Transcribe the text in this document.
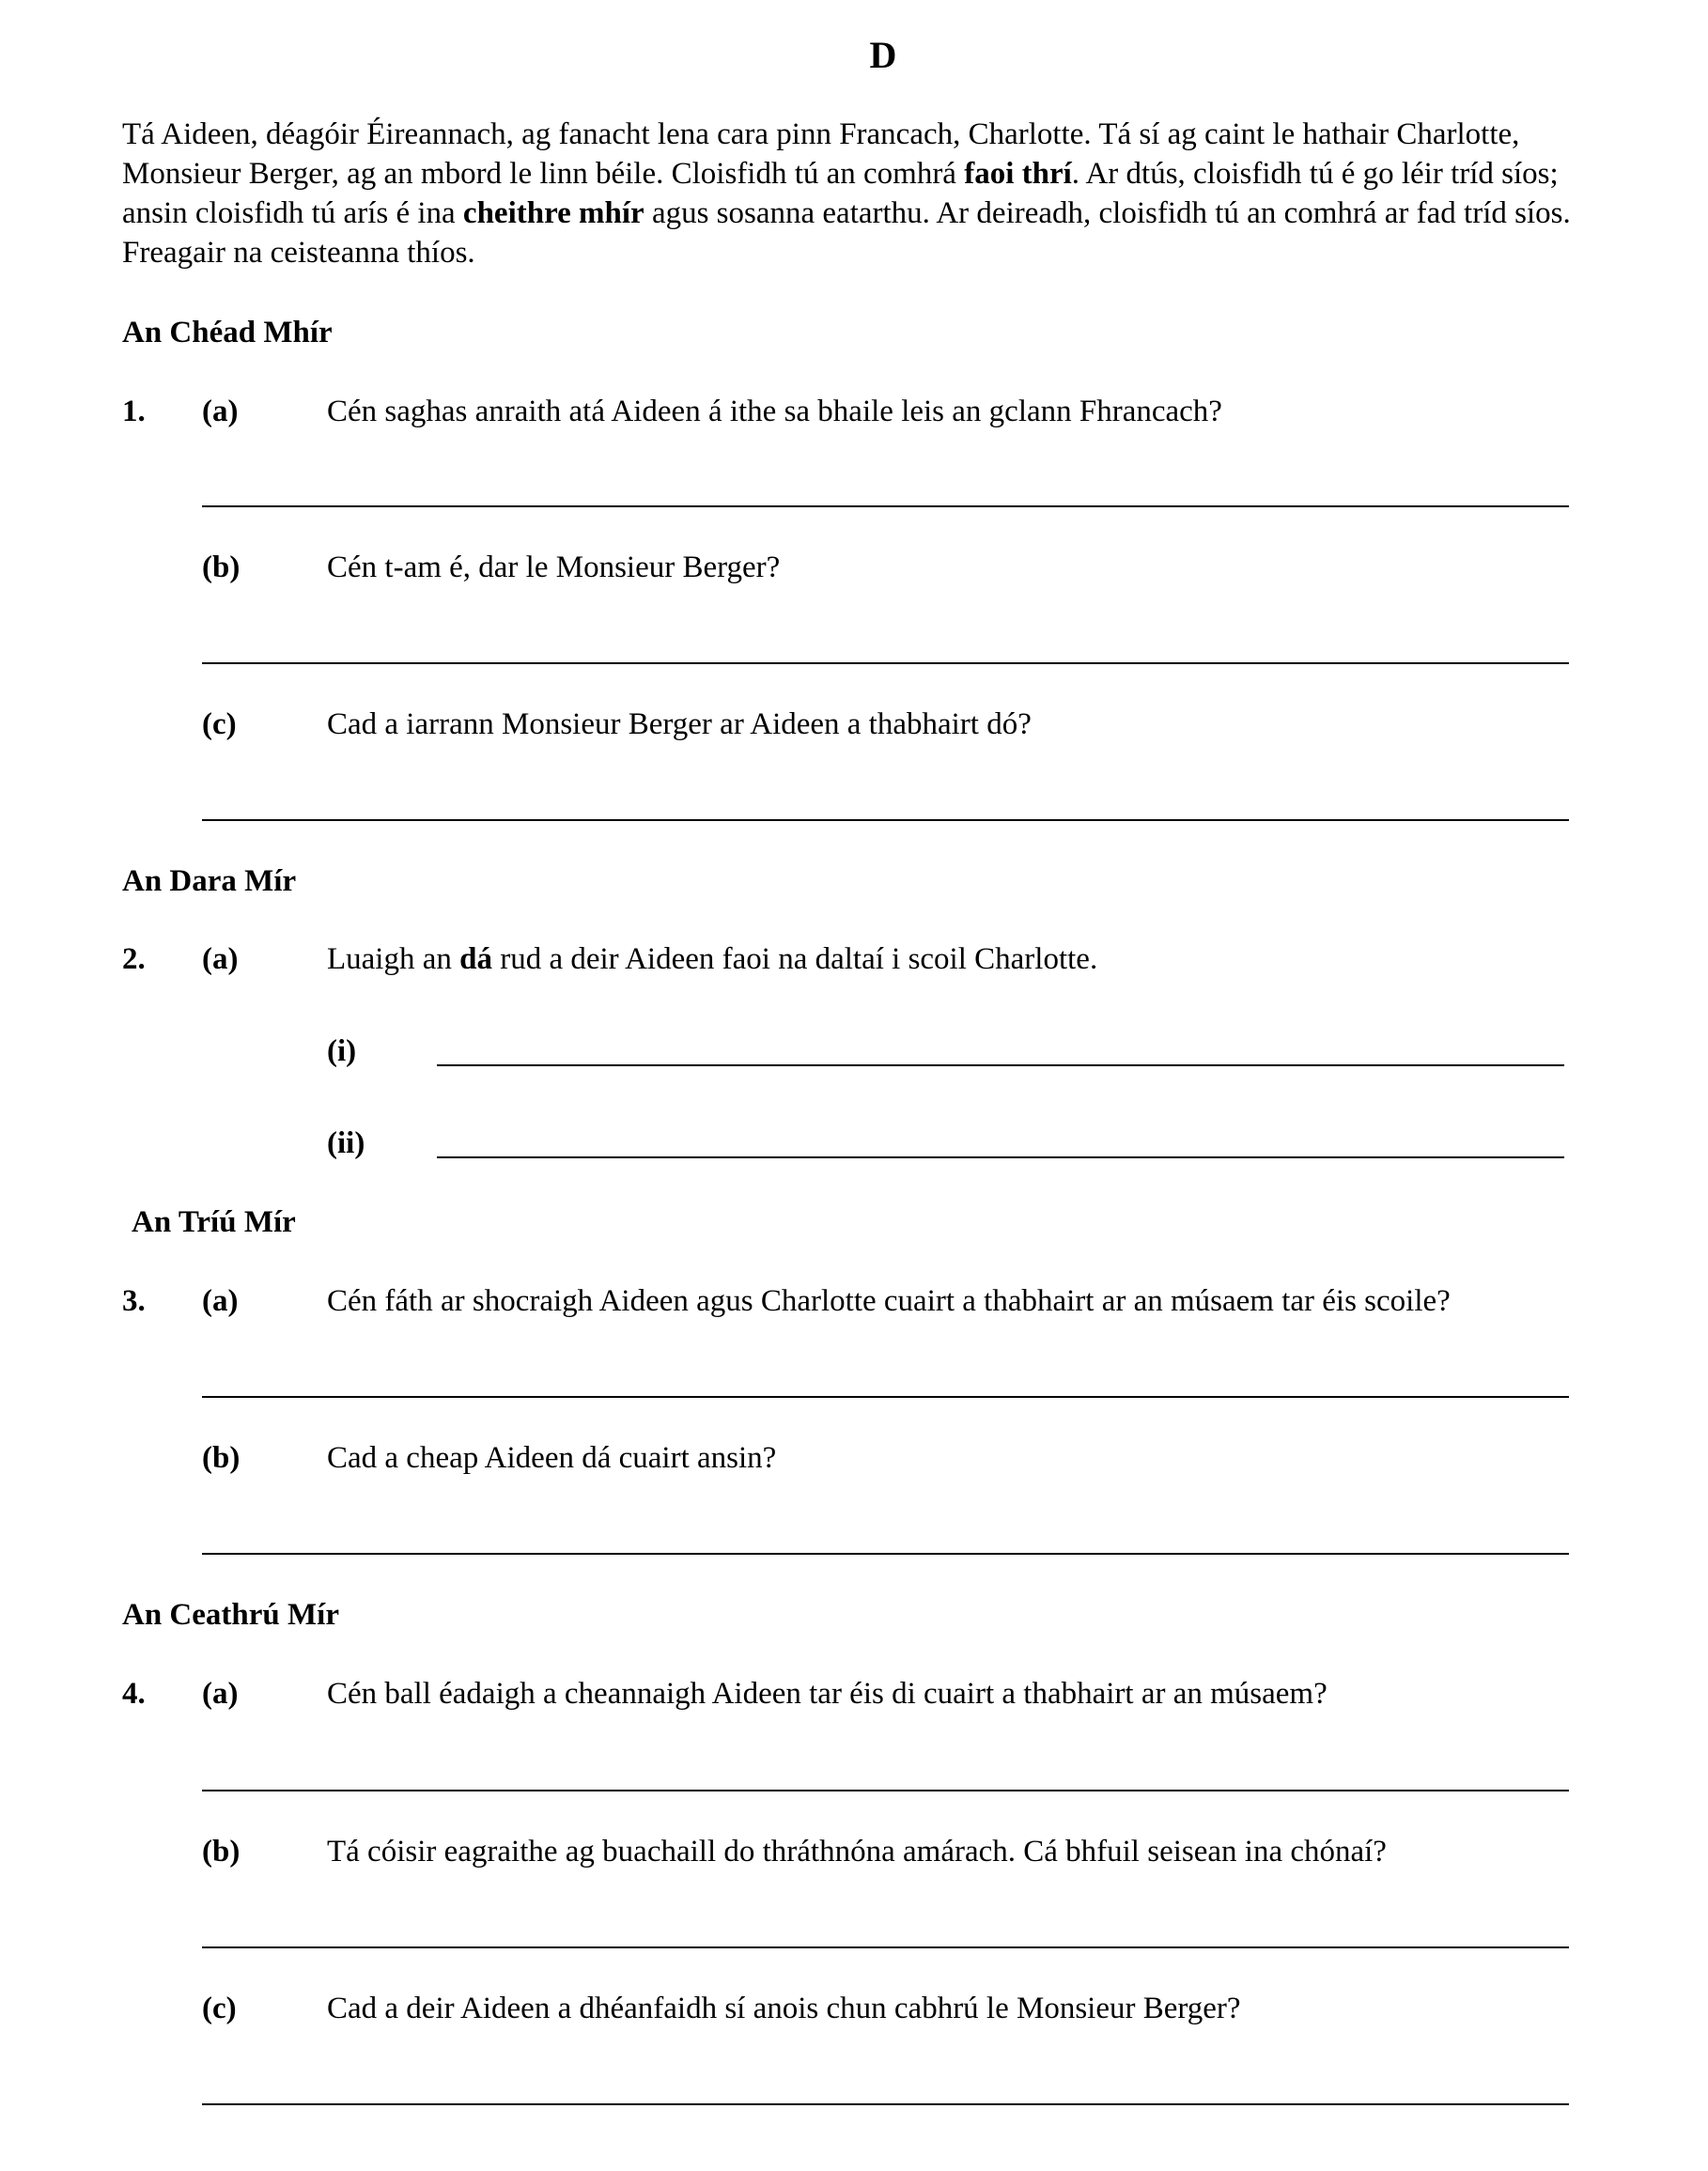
D
Tá Aideen, déagóir Éireannach, ag fanacht lena cara pinn Francach, Charlotte. Tá sí ag caint le hathair Charlotte, Monsieur Berger, ag an mbord le linn béile. Cloisfidh tú an comhrá faoi thrí. Ar dtús, cloisfidh tú é go léir tríd síos; ansin cloisfidh tú arís é ina cheithre mhír agus sosanna eatarthu. Ar deireadh, cloisfidh tú an comhrá ar fad tríd síos. Freagair na ceisteanna thíos.
An Chéad Mhír
1. (a)	Cén saghas anraith atá Aideen á ithe sa bhaile leis an gclann Fhrancach?
(b)	Cén t-am é, dar le Monsieur Berger?
(c)	Cad a iarrann Monsieur Berger ar Aideen a thabhairt dó?
An Dara Mír
2. (a)	Luaigh an dá rud a deir Aideen faoi na daltaí i scoil Charlotte.
(i)
(ii)
An Tríú Mír
3. (a)	Cén fáth ar shocraigh Aideen agus Charlotte cuairt a thabhairt ar an músaem tar éis scoile?
(b)	Cad a cheap Aideen dá cuairt ansin?
An Ceathrú Mír
4. (a)	Cén ball éadaigh a cheannaigh Aideen tar éis di cuairt a thabhairt ar an músaem?
(b)	Tá cóisir eagraithe ag buachaill do thráthnóna amárach. Cá bhfuil seisean ina chónaí?
(c)	Cad a deir Aideen a dhéanfaidh sí anois chun cabhrú le Monsieur Berger?
